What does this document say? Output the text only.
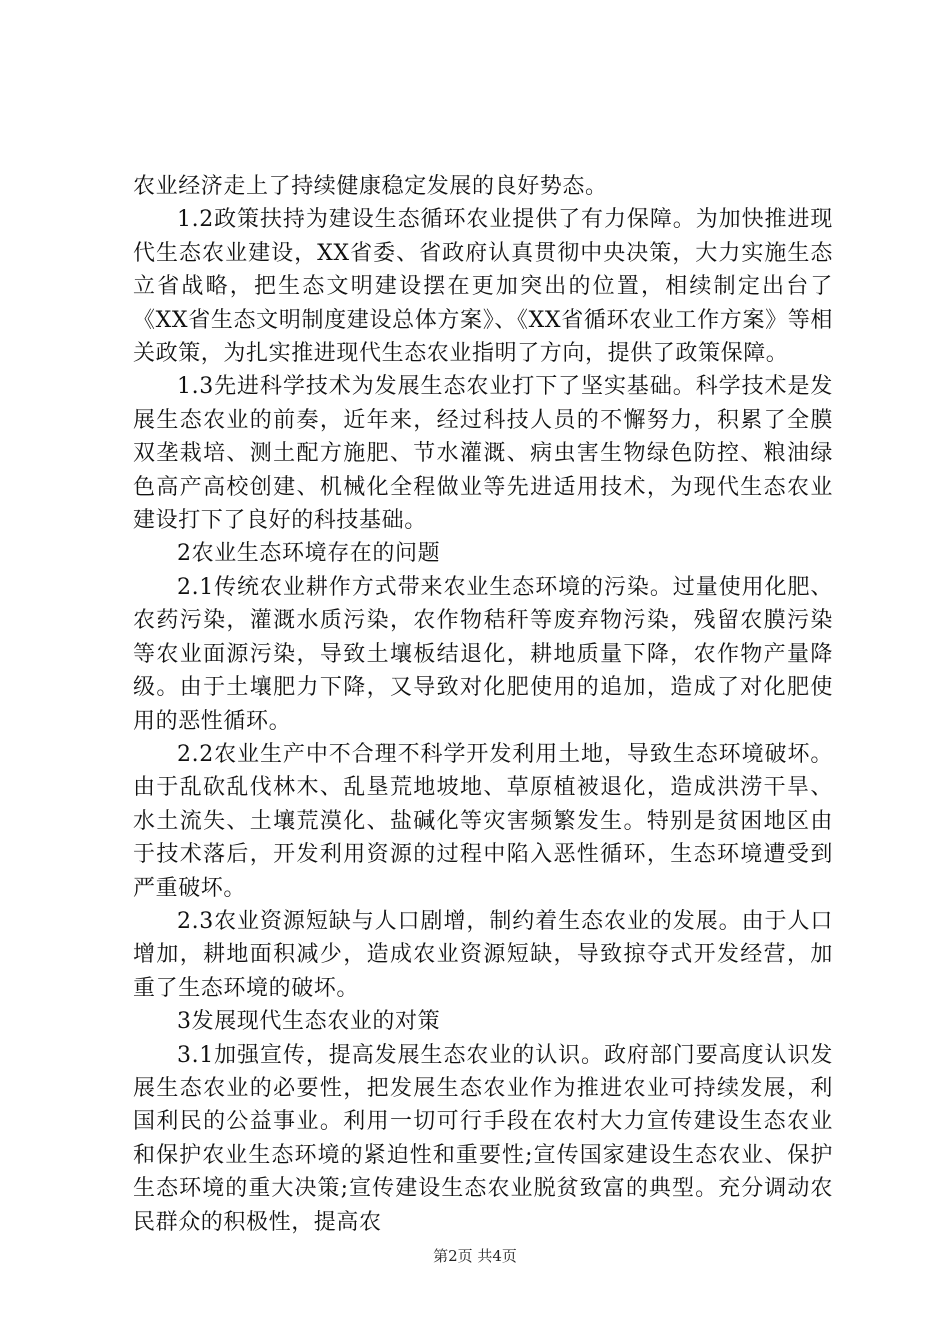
农业经济走上了持续健康稳定发展的良好势态。

1.2政策扶持为建设生态循环农业提供了有力保障。为加快推进现代生态农业建设，XX省委、省政府认真贯彻中央决策，大力实施生态立省战略，把生态文明建设摆在更加突出的位置，相续制定出台了《XX省生态文明制度建设总体方案》、《XX省循环农业工作方案》等相关政策，为扎实推进现代生态农业指明了方向，提供了政策保障。

1.3先进科学技术为发展生态农业打下了坚实基础。科学技术是发展生态农业的前奏，近年来，经过科技人员的不懈努力，积累了全膜双垄栽培、测土配方施肥、节水灌溉、病虫害生物绿色防控、粮油绿色高产高校创建、机械化全程做业等先进适用技术，为现代生态农业建设打下了良好的科技基础。

2农业生态环境存在的问题

2.1传统农业耕作方式带来农业生态环境的污染。过量使用化肥、农药污染，灌溉水质污染，农作物秸秆等废弃物污染，残留农膜污染等农业面源污染，导致土壤板结退化，耕地质量下降，农作物产量降级。由于土壤肥力下降，又导致对化肥使用的追加，造成了对化肥使用的恶性循环。

2.2农业生产中不合理不科学开发利用土地，导致生态环境破坏。由于乱砍乱伐林木、乱垦荒地坡地、草原植被退化，造成洪涝干旱、水土流失、土壤荒漠化、盐碱化等灾害频繁发生。特别是贫困地区由于技术落后，开发利用资源的过程中陷入恶性循环，生态环境遭受到严重破坏。

2.3农业资源短缺与人口剧增，制约着生态农业的发展。由于人口增加，耕地面积减少，造成农业资源短缺，导致掠夺式开发经营，加重了生态环境的破坏。

3发展现代生态农业的对策

3.1加强宣传，提高发展生态农业的认识。政府部门要高度认识发展生态农业的必要性，把发展生态农业作为推进农业可持续发展，利国利民的公益事业。利用一切可行手段在农村大力宣传建设生态农业和保护农业生态环境的紧迫性和重要性;宣传国家建设生态农业、保护生态环境的重大决策;宣传建设生态农业脱贫致富的典型。充分调动农民群众的积极性，提高农

第2页 共4页
